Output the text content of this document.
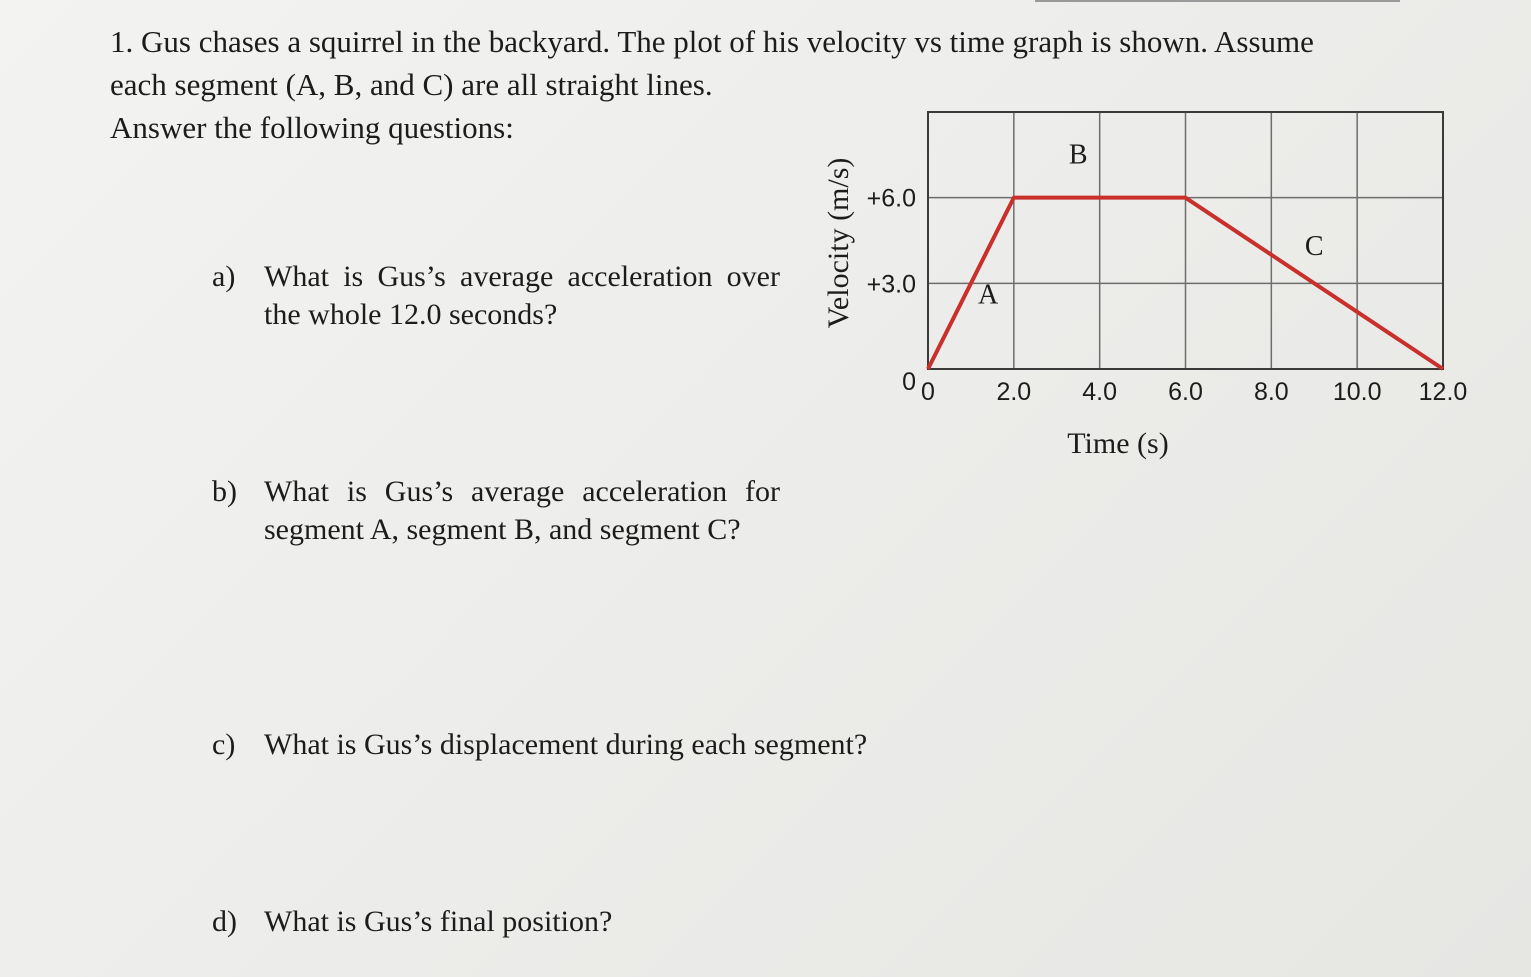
1. Gus chases a squirrel in the backyard. The plot of his velocity vs time graph is shown. Assume

each segment (A, B, and C) are all straight lines.

Answer the following questions:

a) What is Gus’s average acceleration over the whole 12.0 seconds?
b) What is Gus’s average acceleration for segment A, segment B, and segment C?
c) What is Gus’s displacement during each segment?
d) What is Gus’s final position?
0 2.0 4.0 6.0 8.0 10.0 12.0
0
+3.0
+6.0
A
B
C
Time (s)
Velocity (m/s)
